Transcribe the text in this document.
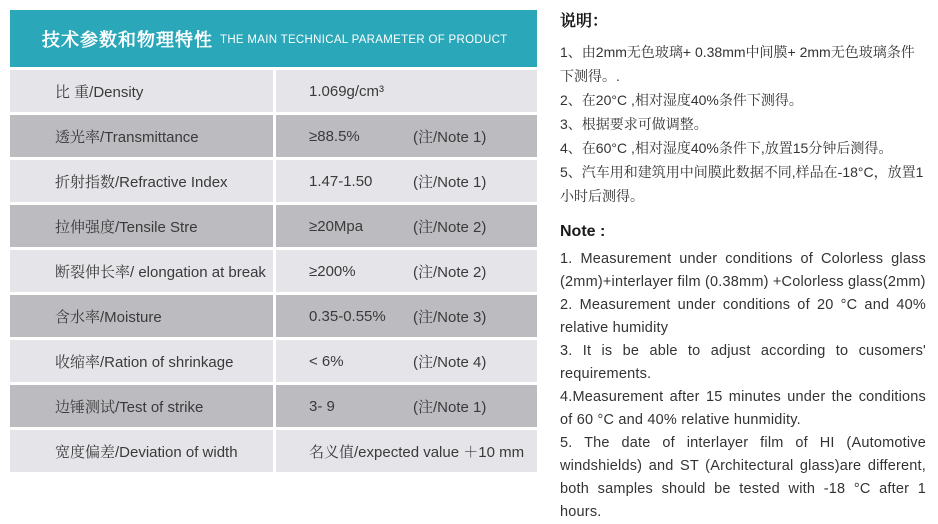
技术参数和物理特性 THE MAIN TECHNICAL PARAMETER OF PRODUCT
比 重/Density	1.069g/cm³
透光率/Transmittance	≥88.5%	(注/Note 1)
折射指数/Refractive Index	1.47-1.50	(注/Note 1)
拉伸强度/Tensile Stre	≥20Mpa	(注/Note 2)
断裂伸长率/ elongation at break	≥200%	(注/Note 2)
含水率/Moisture	0.35-0.55%	(注/Note 3)
收缩率/Ration of shrinkage	< 6%	(注/Note 4)
边锤测试/Test of strike	3- 9	(注/Note 1)
宽度偏差/Deviation of width	名义值/expected value ＋10 mm
说明：

1、由2mm无色玻璃+ 0.38mm中间膜+ 2mm无色玻璃条件下测得。.

2、在20°C ,相对湿度40%条件下测得。

3、根据要求可做调整。

4、在60°C ,相对湿度40%条件下,放置15分钟后测得。

5、汽车用和建筑用中间膜此数据不同,样品在-18°C，放置1小时后测得。

Note :

1. Measurement under conditions of Colorless glass (2mm)+interlayer film (0.38mm) +Colorless glass(2mm)

2. Measurement under conditions of 20 °C and 40% relative humidity

3. It is be able to adjust according to cusomers' requirements.

4.Measurement after 15 minutes under the conditions of 60 °C and 40% relative hunmidity.

5. The date of interlayer film of HI (Automotive windshields) and ST (Architectural glass)are different, both samples should be tested with -18 °C after 1 hours.
